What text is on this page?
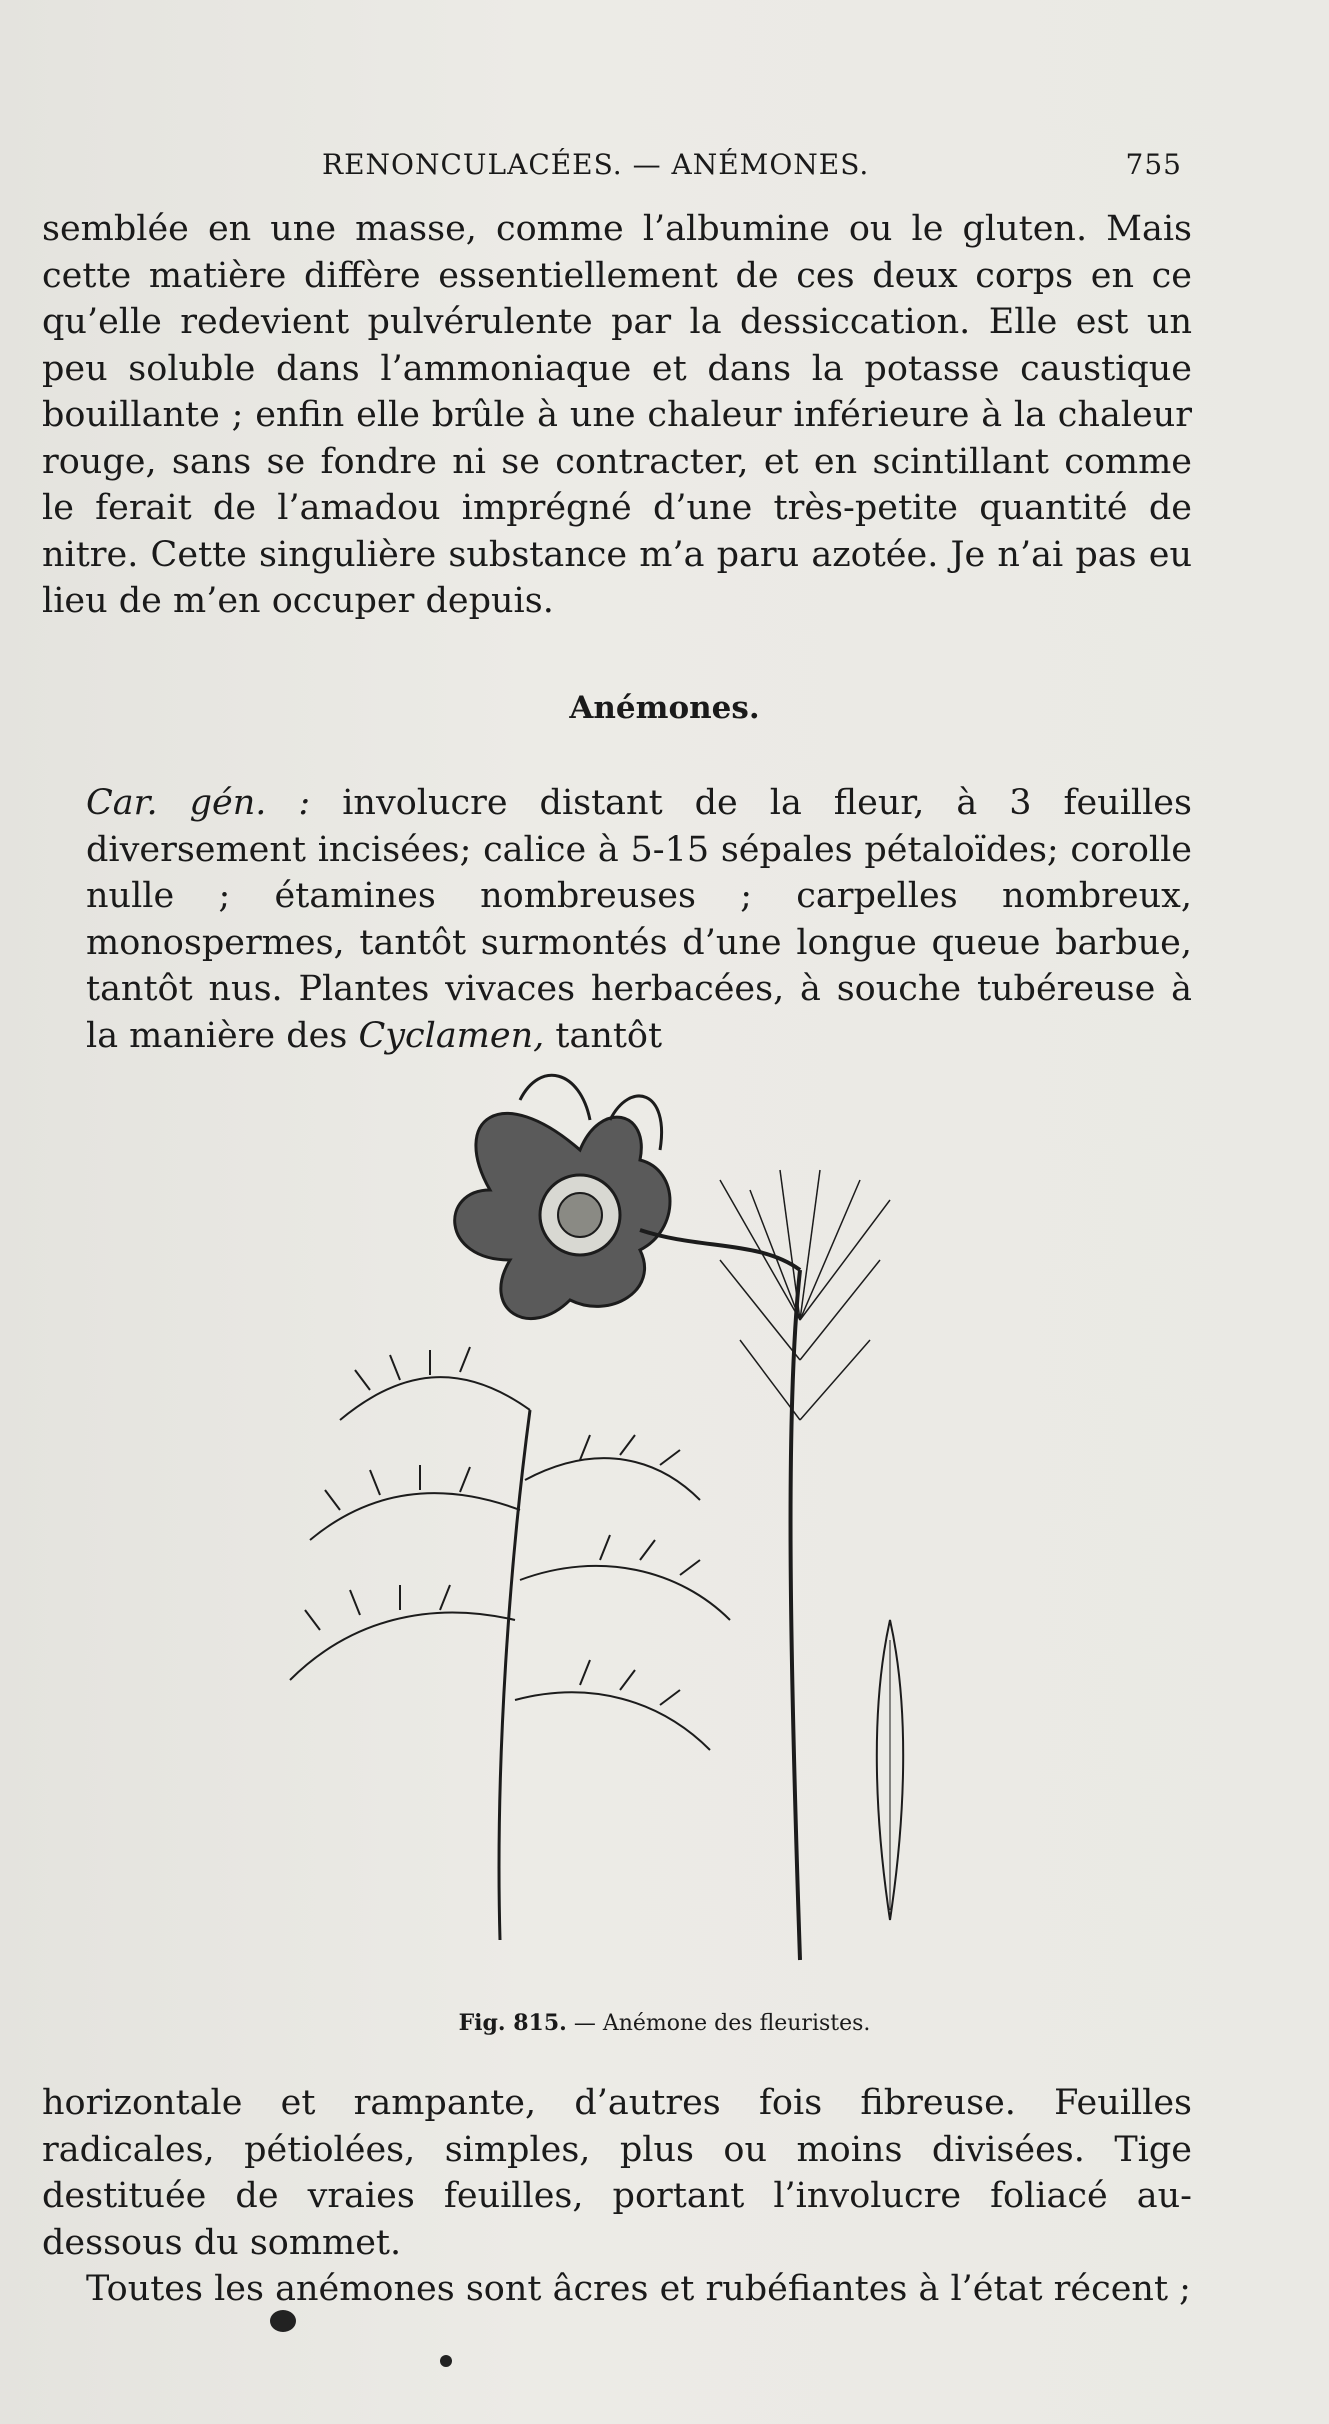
RENONCULACÉES. — ANÉMONES.	755

semblée en une masse, comme l’albumine ou le gluten. Mais cette matière diffère essentiellement de ces deux corps en ce qu’elle redevient pulvérulente par la dessiccation. Elle est un peu soluble dans l’ammoniaque et dans la potasse caustique bouillante ; enfin elle brûle à une chaleur inférieure à la chaleur rouge, sans se fondre ni se contracter, et en scintillant comme le ferait de l’amadou imprégné d’une très-petite quantité de nitre. Cette singulière substance m’a paru azotée. Je n’ai pas eu lieu de m’en occuper depuis.

Anémones.

Car. gén. : involucre distant de la fleur, à 3 feuilles diversement incisées; calice à 5-15 sépales pétaloïdes; corolle nulle ; étamines nombreuses ; carpelles nombreux, monospermes, tantôt surmontés d’une longue queue barbue, tantôt nus. Plantes vivaces herbacées, à souche tubéreuse à la manière des Cyclamen, tantôt

Fig. 815. — Anémone des fleuristes.

horizontale et rampante, d’autres fois fibreuse. Feuilles radicales, pétiolées, simples, plus ou moins divisées. Tige destituée de vraies feuilles, portant l’involucre foliacé au-dessous du sommet.

Toutes les anémones sont âcres et rubéfiantes à l’état récent ;
